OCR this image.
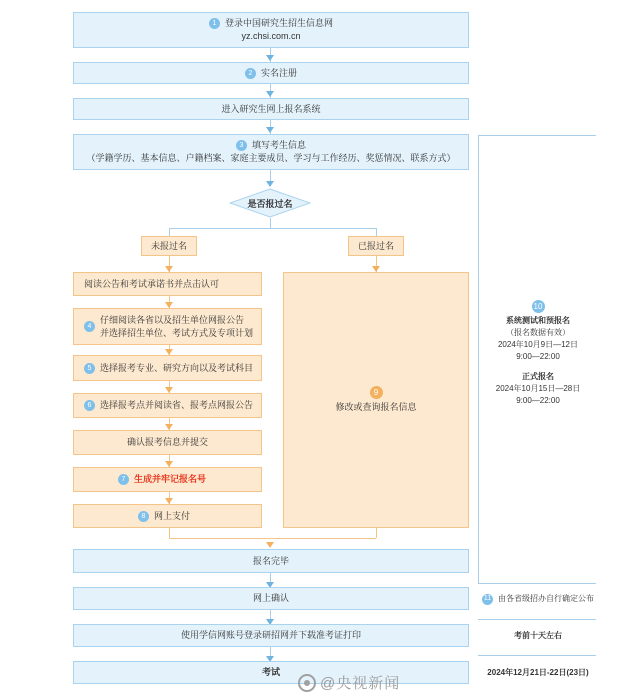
1 登录中国研究生招生信息网
yz.chsi.com.cn
2 实名注册
进入研究生网上报名系统
3 填写考生信息
（学籍学历、基本信息、户籍档案、家庭主要成员、学习与工作经历、奖惩情况、联系方式）
是否报过名
未报过名	已报过名
阅读公告和考试承诺书并点击认可
4
仔细阅读各省以及招生单位网报公告
并选择招生单位、考试方式及专项计划
5 选择报考专业、研究方向以及考试科目
6 选择报考点并阅读省、报考点网报公告
确认报考信息并提交
7 生成并牢记报名号
8 网上支付
9
修改或查询报名信息
10
系统测试和预报名
（报名数据有效）
2024年10月9日—12日
9:00—22:00
正式报名
2024年10月15日—28日
9:00—22:00
报名完毕
网上确认	11 由各省级招办自行确定公布
使用学信网账号登录研招网并下载准考证打印	考前十天左右
考试	2024年12月21日-22日(23日)
@央视新闻
